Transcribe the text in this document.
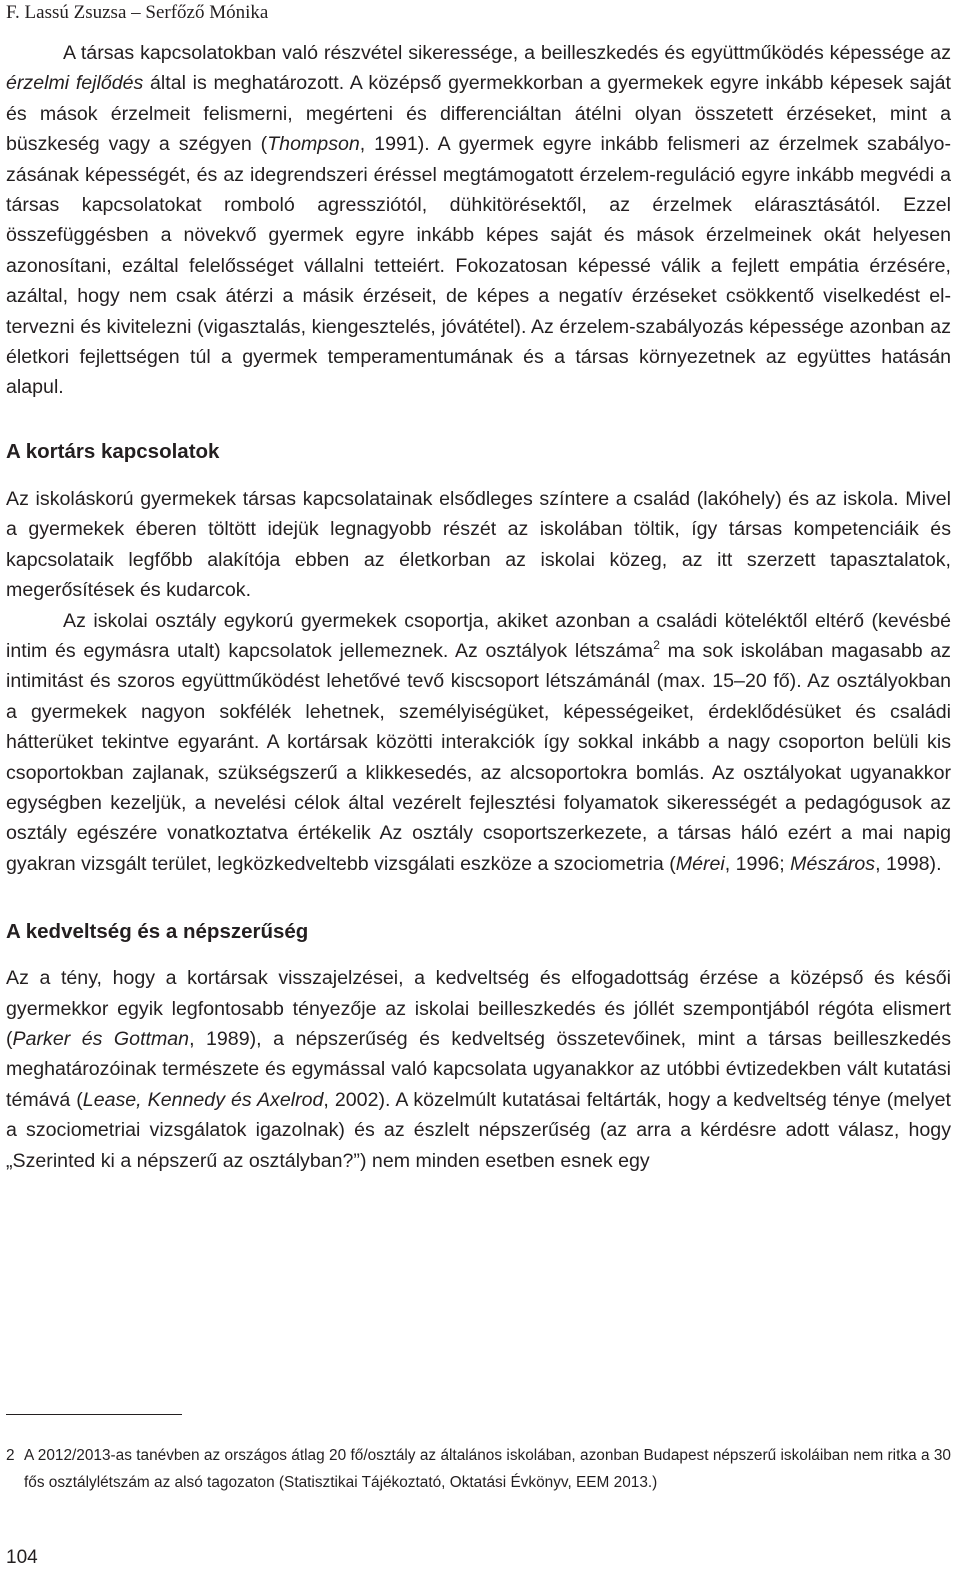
F. Lassú Zsuzsa – Serfőző Mónika

A társas kapcsolatokban való részvétel sikeressége, a beilleszkedés és együttműködés képessége az érzelmi fejlődés által is meghatározott. A középső gyermekkorban a gyermekek egyre inkább képesek saját és mások érzelmeit felismerni, megérteni és differenciáltan átélni olyan összetett érzéseket, mint a büszkeség vagy a szégyen (Thompson, 1991). A gyermek egyre inkább felismeri az érzelmek szabályozásának képességét, és az idegrendszeri éréssel megtámogatott érzelem-reguláció egyre inkább megvédi a társas kapcsolatokat romboló agressziótól, dühkitörésektől, az érzelmek elárasztásától. Ezzel összefüggésben a növekvő gyermek egyre inkább képes saját és mások érzelmeinek okát helyesen azonosítani, ezáltal felelősséget vállalni tetteiért. Fokozatosan képessé válik a fejlett empátia érzésére, azáltal, hogy nem csak átérzi a másik érzéseit, de képes a negatív érzéseket csökkentő viselkedést eltervezni és kivitelezni (vigasztalás, kiengesztelés, jóvátétel). Az érzelem-szabályozás képessége azonban az életkori fejlettségen túl a gyermek temperamentumának és a társas környezetnek az együttes hatásán alapul.

A kortárs kapcsolatok

Az iskoláskorú gyermekek társas kapcsolatainak elsődleges színtere a család (lakóhely) és az iskola. Mivel a gyermekek éberen töltött idejük legnagyobb részét az iskolában töltik, így társas kompetenciáik és kapcsolataik legfőbb alakítója ebben az életkorban az iskolai közeg, az itt szerzett tapasztalatok, megerősítések és kudarcok.

Az iskolai osztály egykorú gyermekek csoportja, akiket azonban a családi köteléktől eltérő (kevésbé intim és egymásra utalt) kapcsolatok jellemeznek. Az osztályok létszáma$^2$ ma sok iskolában magasabb az intimitást és szoros együttműködést lehetővé tevő kiscsoport létszámánál (max. 15–20 fő). Az osztályokban a gyermekek nagyon sokfélék lehetnek, személyiségüket, képességeiket, érdeklődésüket és családi hátterüket tekintve egyaránt. A kortársak közötti interakciók így sokkal inkább a nagy csoporton belüli kis csoportokban zajlanak, szükségszerű a klikkesedés, az alcsoportokra bomlás. Az osztályokat ugyanakkor egységben kezeljük, a nevelési célok által vezérelt fejlesztési folyamatok sikerességét a pedagógusok az osztály egészére vonatkoztatva értékelik Az osztály csoportszerkezete, a társas háló ezért a mai napig gyakran vizsgált terület, legközkedveltebb vizsgálati eszköze a szociometria (Mérei, 1996; Mészáros, 1998).

A kedveltség és a népszerűség

Az a tény, hogy a kortársak visszajelzései, a kedveltség és elfogadottság érzése a középső és késői gyermekkor egyik legfontosabb tényezője az iskolai beilleszkedés és jóllét szempontjából régóta elismert (Parker és Gottman, 1989), a népszerűség és kedveltség összetevőinek, mint a társas beilleszkedés meghatározóinak természete és egymással való kapcsolata ugyanakkor az utóbbi évtizedekben vált kutatási témává (Lease, Kennedy és Axelrod, 2002). A közelmúlt kutatásai feltárták, hogy a kedveltség ténye (melyet a szociometriai vizsgálatok igazolnak) és az észlelt népszerűség (az arra a kérdésre adott válasz, hogy „Szerinted ki a népszerű az osztályban?”) nem minden esetben esnek egy

2 A 2012/2013-as tanévben az országos átlag 20 fő/osztály az általános iskolában, azonban Budapest népszerű iskoláiban nem ritka a 30 fős osztálylétszám az alsó tagozaton (Statisztikai Tájékoztató, Oktatási Évkönyv, EEM 2013.)
104
